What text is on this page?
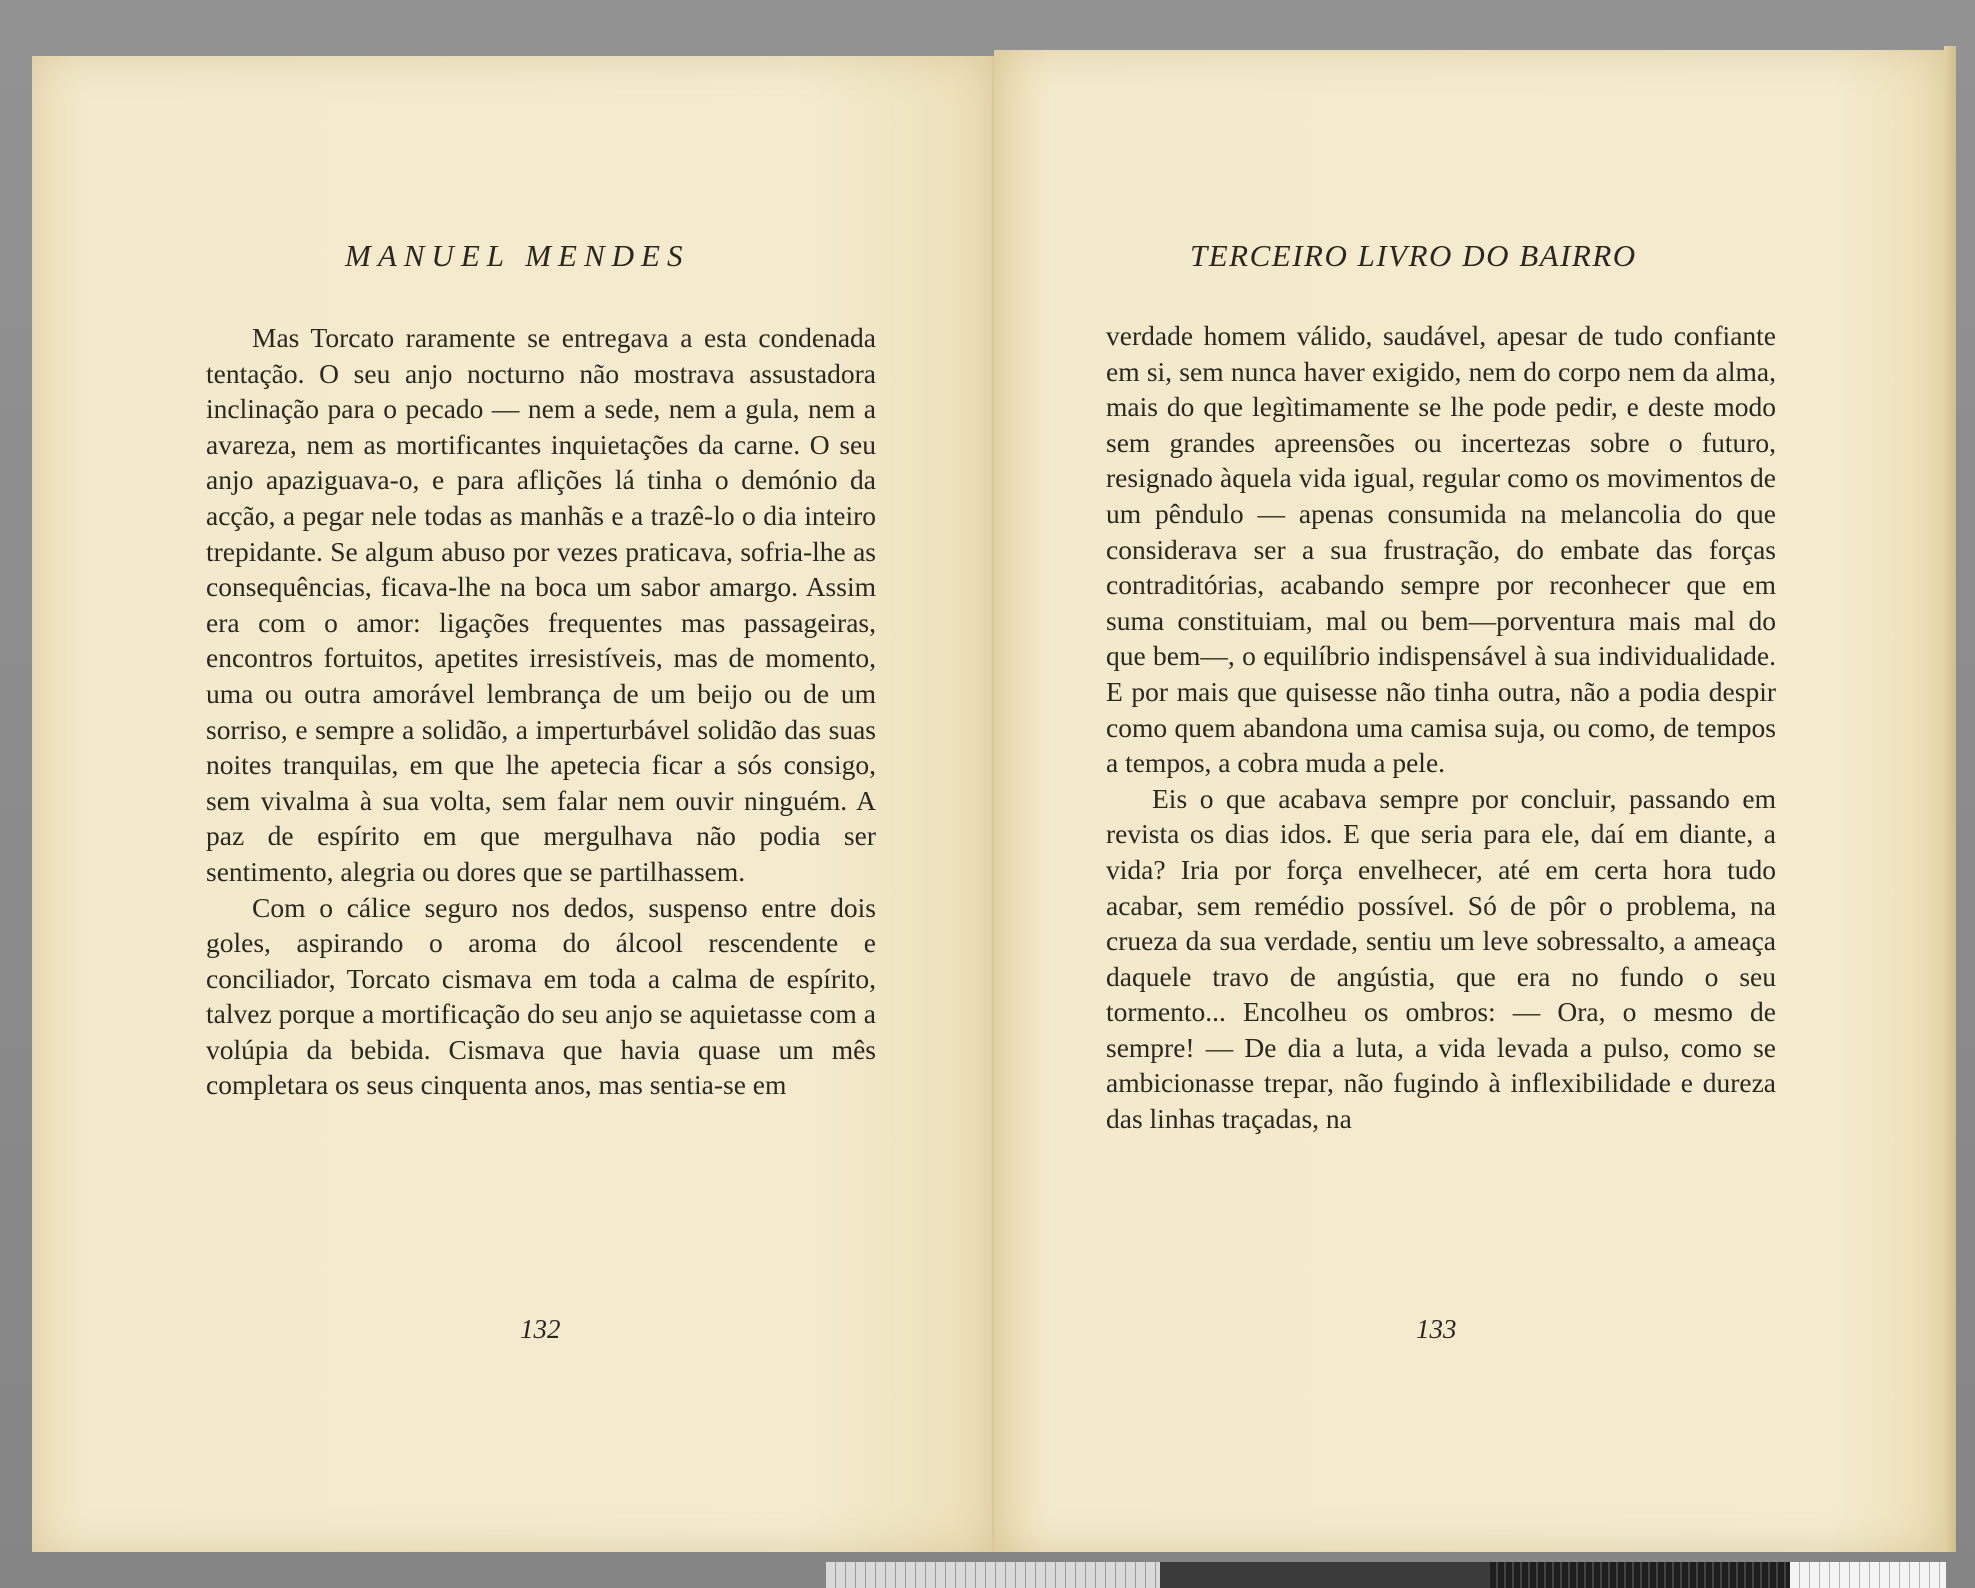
MANUEL MENDES	TERCEIRO LIVRO DO BAIRRO

Mas Torcato raramente se entregava a esta condenada tentação. O seu anjo nocturno não mostrava assustadora inclinação para o pecado — nem a sede, nem a gula, nem a avareza, nem as mortificantes inquietações da carne. O seu anjo apaziguava-o, e para aflições lá tinha o demónio da acção, a pegar nele todas as manhãs e a trazê-lo o dia inteiro trepidante. Se algum abuso por vezes praticava, sofria-lhe as consequências, ficava-lhe na boca um sabor amargo. Assim era com o amor: ligações frequentes mas passageiras, encontros fortuitos, apetites irresistíveis, mas de momento, uma ou outra amorável lembrança de um beijo ou de um sorriso, e sempre a solidão, a imperturbável solidão das suas noites tranquilas, em que lhe apetecia ficar a sós consigo, sem vivalma à sua volta, sem falar nem ouvir ninguém. A paz de espírito em que mergulhava não podia ser sentimento, alegria ou dores que se partilhassem.

Com o cálice seguro nos dedos, suspenso entre dois goles, aspirando o aroma do álcool rescendente e conciliador, Torcato cismava em toda a calma de espírito, talvez porque a mortificação do seu anjo se aquietasse com a volúpia da bebida. Cismava que havia quase um mês completara os seus cinquenta anos, mas sentia-se em

verdade homem válido, saudável, apesar de tudo confiante em si, sem nunca haver exigido, nem do corpo nem da alma, mais do que legìtimamente se lhe pode pedir, e deste modo sem grandes apreensões ou incertezas sobre o futuro, resignado àquela vida igual, regular como os movimentos de um pêndulo — apenas consumida na melancolia do que considerava ser a sua frustração, do embate das forças contraditórias, acabando sempre por reconhecer que em suma constituiam, mal ou bem—porventura mais mal do que bem—, o equilíbrio indispensável à sua individualidade. E por mais que quisesse não tinha outra, não a podia despir como quem abandona uma camisa suja, ou como, de tempos a tempos, a cobra muda a pele.

Eis o que acabava sempre por concluir, passando em revista os dias idos. E que seria para ele, daí em diante, a vida? Iria por força envelhecer, até em certa hora tudo acabar, sem remédio possível. Só de pôr o problema, na crueza da sua verdade, sentiu um leve sobressalto, a ameaça daquele travo de angústia, que era no fundo o seu tormento... Encolheu os ombros: — Ora, o mesmo de sempre! — De dia a luta, a vida levada a pulso, como se ambicionasse trepar, não fugindo à inflexibilidade e dureza das linhas traçadas, na

132	133
